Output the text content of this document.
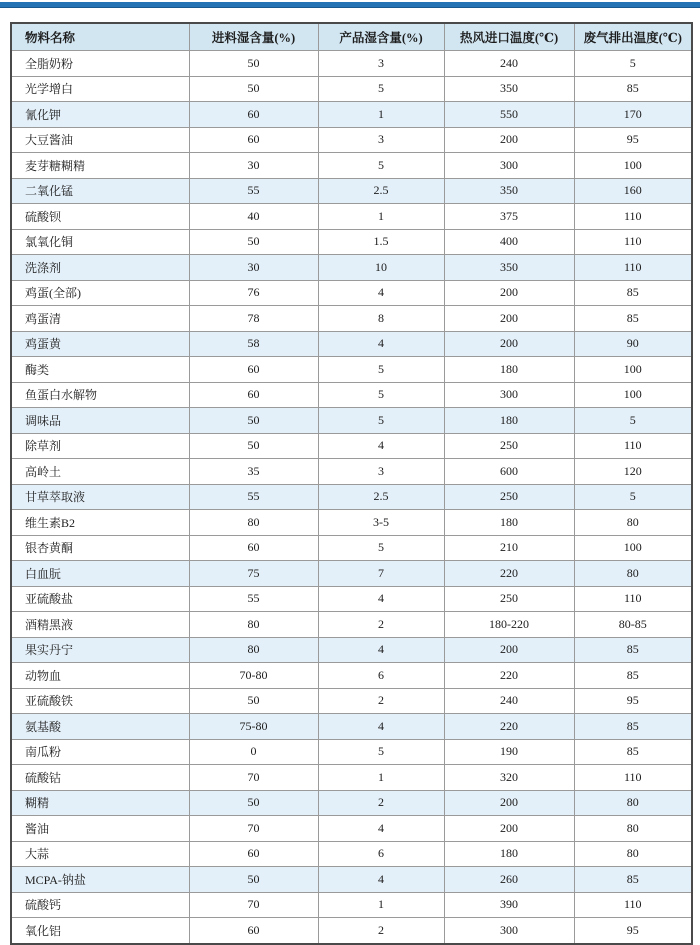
物料名称	进料湿含量(%)	产品湿含量(%)	热风进口温度(℃)	废气排出温度(℃)
全脂奶粉	50	3	240	5
光学增白	50	5	350	85
氰化钾	60	1	550	170
大豆酱油	60	3	200	95
麦芽糖糊精	30	5	300	100
二氧化锰	55	2.5	350	160
硫酸钡	40	1	375	110
氯氧化铜	50	1.5	400	110
洗涤剂	30	10	350	110
鸡蛋(全部)	76	4	200	85
鸡蛋清	78	8	200	85
鸡蛋黄	58	4	200	90
酶类	60	5	180	100
鱼蛋白水解物	60	5	300	100
调味品	50	5	180	5
除草剂	50	4	250	110
高岭土	35	3	600	120
甘草萃取液	55	2.5	250	5
维生素B2	80	3-5	180	80
银杏黄酮	60	5	210	100
白血朊	75	7	220	80
亚硫酸盐	55	4	250	110
酒精黑液	80	2	180-220	80-85
果实丹宁	80	4	200	85
动物血	70-80	6	220	85
亚硫酸铁	50	2	240	95
氨基酸	75-80	4	220	85
南瓜粉	0	5	190	85
硫酸钴	70	1	320	110
糊精	50	2	200	80
酱油	70	4	200	80
大蒜	60	6	180	80
MCPA-钠盐	50	4	260	85
硫酸钙	70	1	390	110
氧化铝	60	2	300	95
